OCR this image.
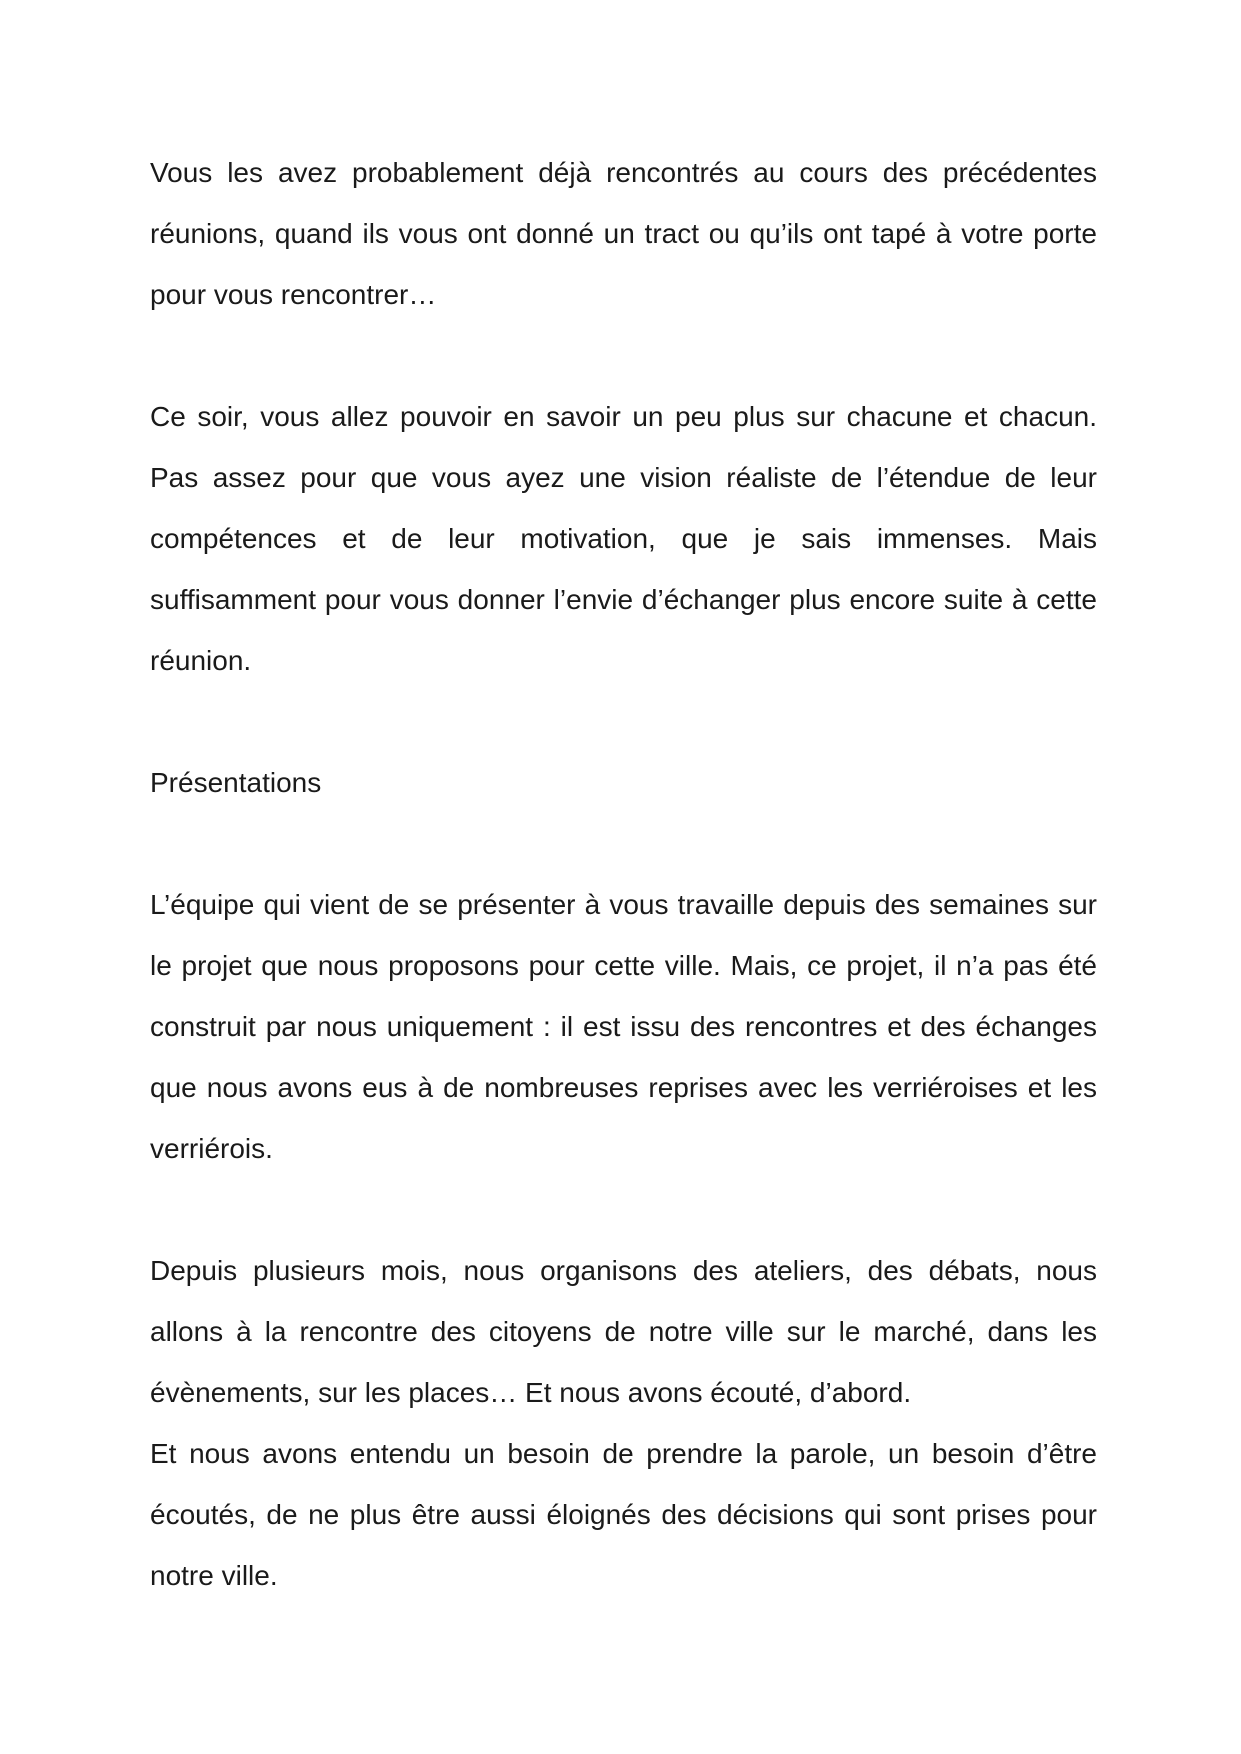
Vous les avez probablement déjà rencontrés au cours des précédentes réunions, quand ils vous ont donné un tract ou qu’ils ont tapé à votre porte pour vous rencontrer…

Ce soir, vous allez pouvoir en savoir un peu plus sur chacune et chacun. Pas assez pour que vous ayez une vision réaliste de l’étendue de leur compétences et de leur motivation, que je sais immenses. Mais suffisamment pour vous donner l’envie d’échanger plus encore suite à cette réunion.

Présentations

L’équipe qui vient de se présenter à vous travaille depuis des semaines sur le projet que nous proposons pour cette ville. Mais, ce projet, il n’a pas été construit par nous uniquement : il est issu des rencontres et des échanges que nous avons eus à de nombreuses reprises avec les verriéroises et les verriérois.

Depuis plusieurs mois, nous organisons des ateliers, des débats, nous allons à la rencontre des citoyens de notre ville sur le marché, dans les évènements, sur les places… Et nous avons écouté, d’abord.

Et nous avons entendu un besoin de prendre la parole, un besoin d’être écoutés, de ne plus être aussi éloignés des décisions qui sont prises pour notre ville.
